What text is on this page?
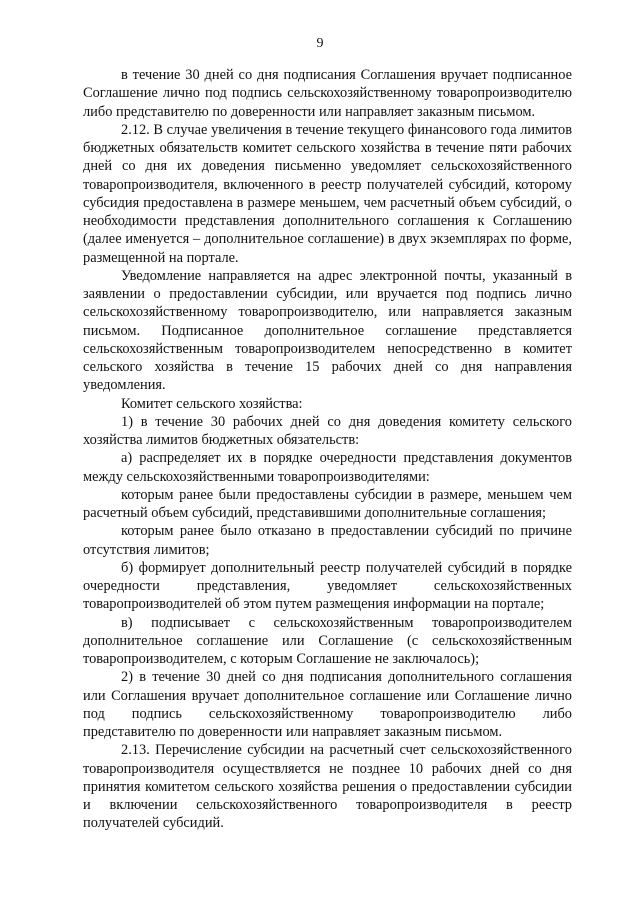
9

в течение 30 дней со дня подписания Соглашения вручает подписанное Соглашение лично под подпись сельскохозяйственному товаропроизводителю либо представителю по доверенности или направляет заказным письмом.

2.12. В случае увеличения в течение текущего финансового года лимитов бюджетных обязательств комитет сельского хозяйства в течение пяти рабочих дней со дня их доведения письменно уведомляет сельскохозяйственного товаропроизводителя, включенного в реестр получателей субсидий, которому субсидия предоставлена в размере меньшем, чем расчетный объем субсидий, о необходимости представления дополнительного соглашения к Соглашению (далее именуется – дополнительное соглашение) в двух экземплярах по форме, размещенной на портале.

Уведомление направляется на адрес электронной почты, указанный в заявлении о предоставлении субсидии, или вручается под подпись лично сельскохозяйственному товаропроизводителю, или направляется заказным письмом. Подписанное дополнительное соглашение представляется сельскохозяйственным товаропроизводителем непосредственно в комитет сельского хозяйства в течение 15 рабочих дней со дня направления уведомления.

Комитет сельского хозяйства:

1) в течение 30 рабочих дней со дня доведения комитету сельского хозяйства лимитов бюджетных обязательств:

а) распределяет их в порядке очередности представления документов между сельскохозяйственными товаропроизводителями:

которым ранее были предоставлены субсидии в размере, меньшем чем расчетный объем субсидий, представившими дополнительные соглашения;

которым ранее было отказано в предоставлении субсидий по причине отсутствия лимитов;

б) формирует дополнительный реестр получателей субсидий в порядке очередности представления, уведомляет сельскохозяйственных товаропроизводителей об этом путем размещения информации на портале;

в) подписывает с сельскохозяйственным товаропроизводителем дополнительное соглашение или Соглашение (с сельскохозяйственным товаропроизводителем, с которым Соглашение не заключалось);

2) в течение 30 дней со дня подписания дополнительного соглашения или Соглашения вручает дополнительное соглашение или Соглашение лично под подпись сельскохозяйственному товаропроизводителю либо представителю по доверенности или направляет заказным письмом.

2.13. Перечисление субсидии на расчетный счет сельскохозяйственного товаропроизводителя осуществляется не позднее 10 рабочих дней со дня принятия комитетом сельского хозяйства решения о предоставлении субсидии и включении сельскохозяйственного товаропроизводителя в реестр получателей субсидий.
